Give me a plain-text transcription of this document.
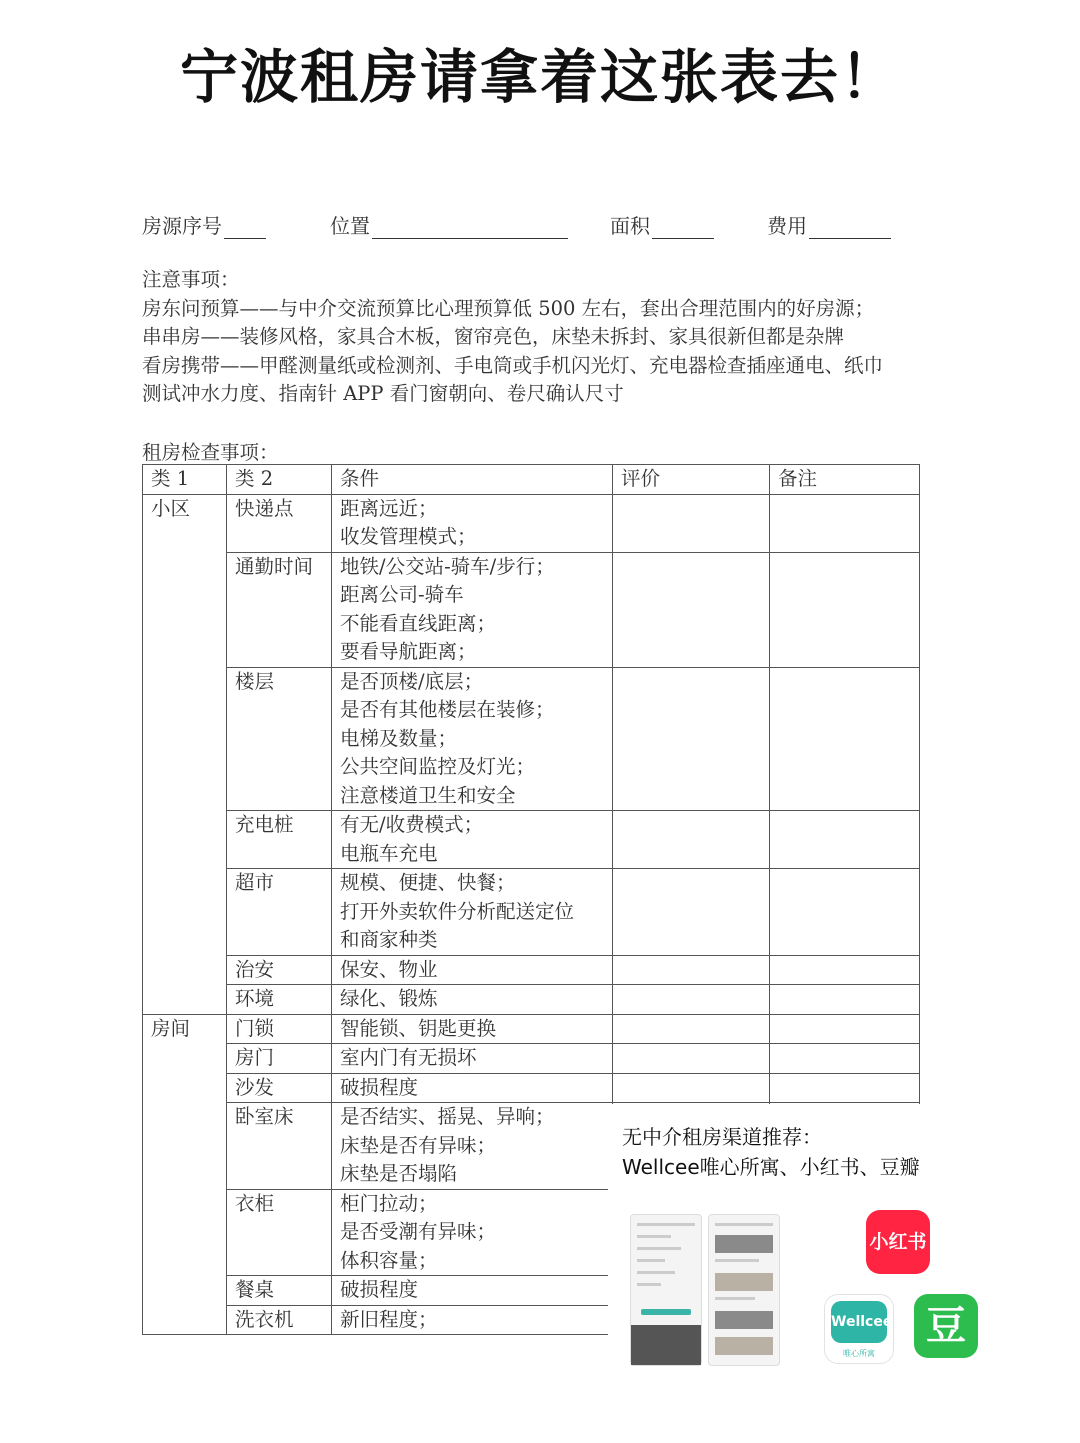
宁波租房请拿着这张表去！
房源序号	位置	面积	费用
注意事项：
房东问预算——与中介交流预算比心理预算低 500 左右，套出合理范围内的好房源；
串串房——装修风格，家具合木板，窗帘亮色，床垫未拆封、家具很新但都是杂牌
看房携带——甲醛测量纸或检测剂、手电筒或手机闪光灯、充电器检查插座通电、纸巾
测试冲水力度、指南针 APP 看门窗朝向、卷尺确认尺寸
租房检查事项：
类 1	类 2	条件	评价	备注
小区	快递点	距离远近；
收发管理模式；		

	通勤时间	地铁/公交站-骑车/步行；
距离公司-骑车
不能看直线距离；
要看导航距离；		

	楼层	是否顶楼/底层；
是否有其他楼层在装修；
电梯及数量；
公共空间监控及灯光；
注意楼道卫生和安全		

	充电桩	有无/收费模式；
电瓶车充电		

	超市	规模、便捷、快餐；
打开外卖软件分析配送定位
和商家种类		

	治安	保安、物业		

	环境	绿化、锻炼		

房间	门锁	智能锁、钥匙更换		

	房门	室内门有无损坏		

	沙发	破损程度		

	卧室床	是否结实、摇晃、异响；
床垫是否有异味；
床垫是否塌陷		

	衣柜	柜门拉动；
是否受潮有异味；
体积容量；		

	餐桌	破损程度		

	洗衣机	新旧程度；		

无中介租房渠道推荐：
Wellcee唯心所寓、小红书、豆瓣
小红书
Wellcee
唯心所寓
豆
